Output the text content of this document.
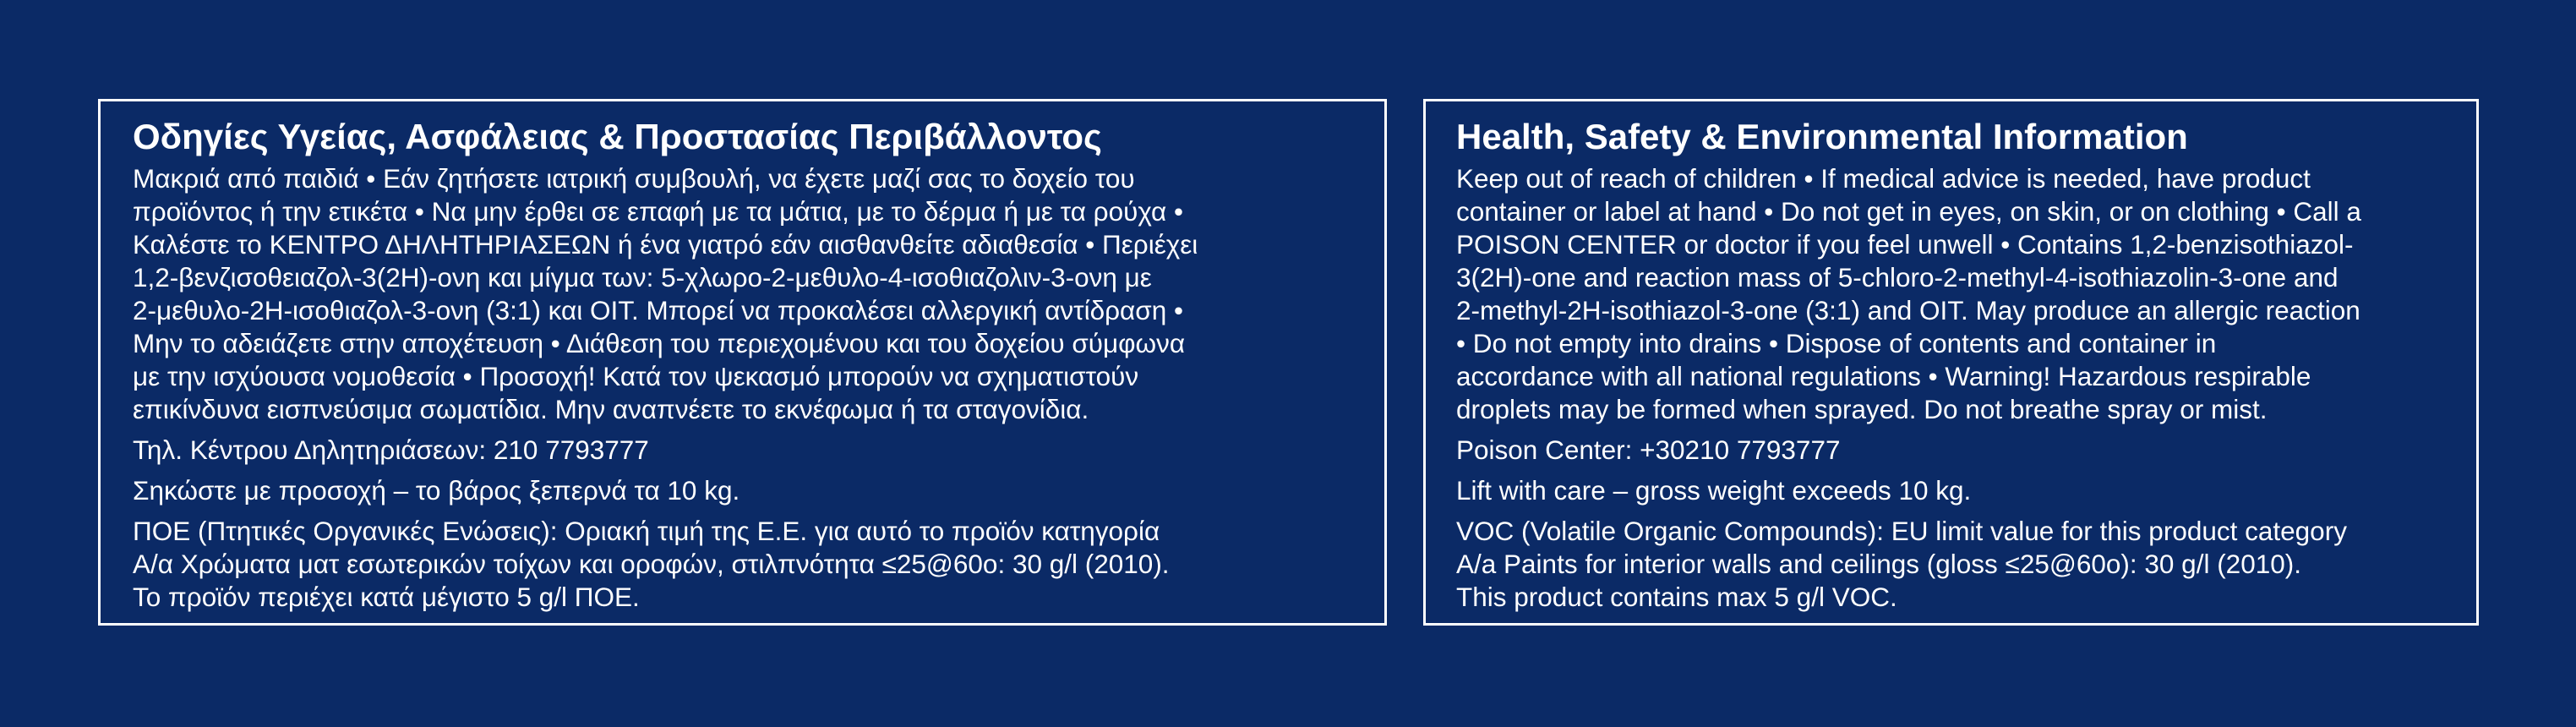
Οδηγίες Υγείας, Ασφάλειας & Προστασίας Περιβάλλοντος
Μακριά από παιδιά • Εάν ζητήσετε ιατρική συμβουλή, να έχετε μαζί σας το δοχείο του
προϊόντος ή την ετικέτα • Να μην έρθει σε επαφή με τα μάτια, με το δέρμα ή με τα ρούχα •
Καλέστε το ΚΕΝΤΡΟ ΔΗΛΗΤΗΡΙΑΣΕΩΝ ή ένα γιατρό εάν αισθανθείτε αδιαθεσία • Περιέχει
1,2-βενζισοθειαζολ-3(2Η)-ονη και μίγμα των: 5-χλωρο-2-μεθυλο-4-ισοθιαζολιν-3-ονη με
2-μεθυλο-2Η-ισοθιαζολ-3-ονη (3:1) και OIT. Μπορεί να προκαλέσει αλλεργική αντίδραση •
Μην το αδειάζετε στην αποχέτευση • Διάθεση του περιεχομένου και του δοχείου σύμφωνα
με την ισχύουσα νομοθεσία • Προσοχή! Κατά τον ψεκασμό μπορούν να σχηματιστούν
επικίνδυνα εισπνεύσιμα σωματίδια. Μην αναπνέετε το εκνέφωμα ή τα σταγονίδια.
Τηλ. Κέντρου Δηλητηριάσεων: 210 7793777
Σηκώστε με προσοχή – το βάρος ξεπερνά τα 10 kg.
ΠΟΕ (Πτητικές Οργανικές Ενώσεις): Οριακή τιμή της Ε.Ε. για αυτό το προϊόν κατηγορία
Α/α Χρώματα ματ εσωτερικών τοίχων και οροφών, στιλπνότητα ≤25@60o: 30 g/l (2010).
Το προϊόν περιέχει κατά μέγιστο 5 g/l ΠΟΕ.
Health, Safety & Environmental Information
Keep out of reach of children • If medical advice is needed, have product
container or label at hand • Do not get in eyes, on skin, or on clothing • Call a
POISON CENTER or doctor if you feel unwell • Contains 1,2-benzisothiazol-
3(2H)-one and reaction mass of 5-chloro-2-methyl-4-isothiazolin-3-one and
2-methyl-2H-isothiazol-3-one (3:1) and OIT. May produce an allergic reaction
• Do not empty into drains • Dispose of contents and container in
accordance with all national regulations • Warning! Hazardous respirable
droplets may be formed when sprayed. Do not breathe spray or mist.
Poison Center: +30210 7793777
Lift with care – gross weight exceeds 10 kg.
VOC (Volatile Organic Compounds): EU limit value for this product category
A/a Paints for interior walls and ceilings (gloss ≤25@60o): 30 g/l (2010).
This product contains max 5 g/l VOC.
